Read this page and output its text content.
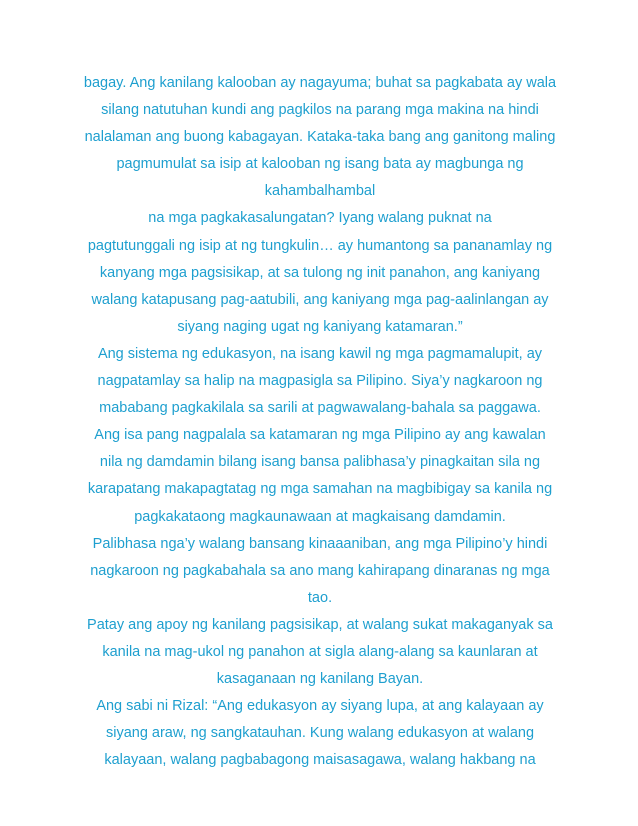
bagay. Ang kanilang kalooban ay nagayuma; buhat sa pagkabata ay wala
silang natutuhan kundi ang pagkilos na parang mga makina na hindi
nalalaman ang buong kabagayan. Kataka-taka bang ang ganitong maling
pagmumulat sa isip at kalooban ng isang bata ay magbunga ng
kahambalhambal
na mga pagkakasalungatan? Iyang walang puknat na
pagtutunggali ng isip at ng tungkulin… ay humantong sa pananamlay ng
kanyang mga pagsisikap, at sa tulong ng init panahon, ang kaniyang
walang katapusang pag-aatubili, ang kaniyang mga pag-aalinlangan ay
siyang naging ugat ng kaniyang katamaran.”
Ang sistema ng edukasyon, na isang kawil ng mga pagmamalupit, ay
nagpatamlay sa halip na magpasigla sa Pilipino. Siya’y nagkaroon ng
mababang pagkakilala sa sarili at pagwawalang-bahala sa paggawa.
Ang isa pang nagpalala sa katamaran ng mga Pilipino ay ang kawalan
nila ng damdamin bilang isang bansa palibhasa’y pinagkaitan sila ng
karapatang makapagtatag ng mga samahan na magbibigay sa kanila ng
pagkakataong magkaunawaan at magkaisang damdamin.
Palibhasa nga’y walang bansang kinaaaniban, ang mga Pilipino’y hindi
nagkaroon ng pagkabahala sa ano mang kahirapang dinaranas ng mga
tao.
Patay ang apoy ng kanilang pagsisikap, at walang sukat makaganyak sa
kanila na mag-ukol ng panahon at sigla alang-alang sa kaunlaran at
kasaganaan ng kanilang Bayan.
Ang sabi ni Rizal: “Ang edukasyon ay siyang lupa, at ang kalayaan ay
siyang araw, ng sangkatauhan. Kung walang edukasyon at walang
kalayaan, walang pagbabagong maisasagawa, walang hakbang na
